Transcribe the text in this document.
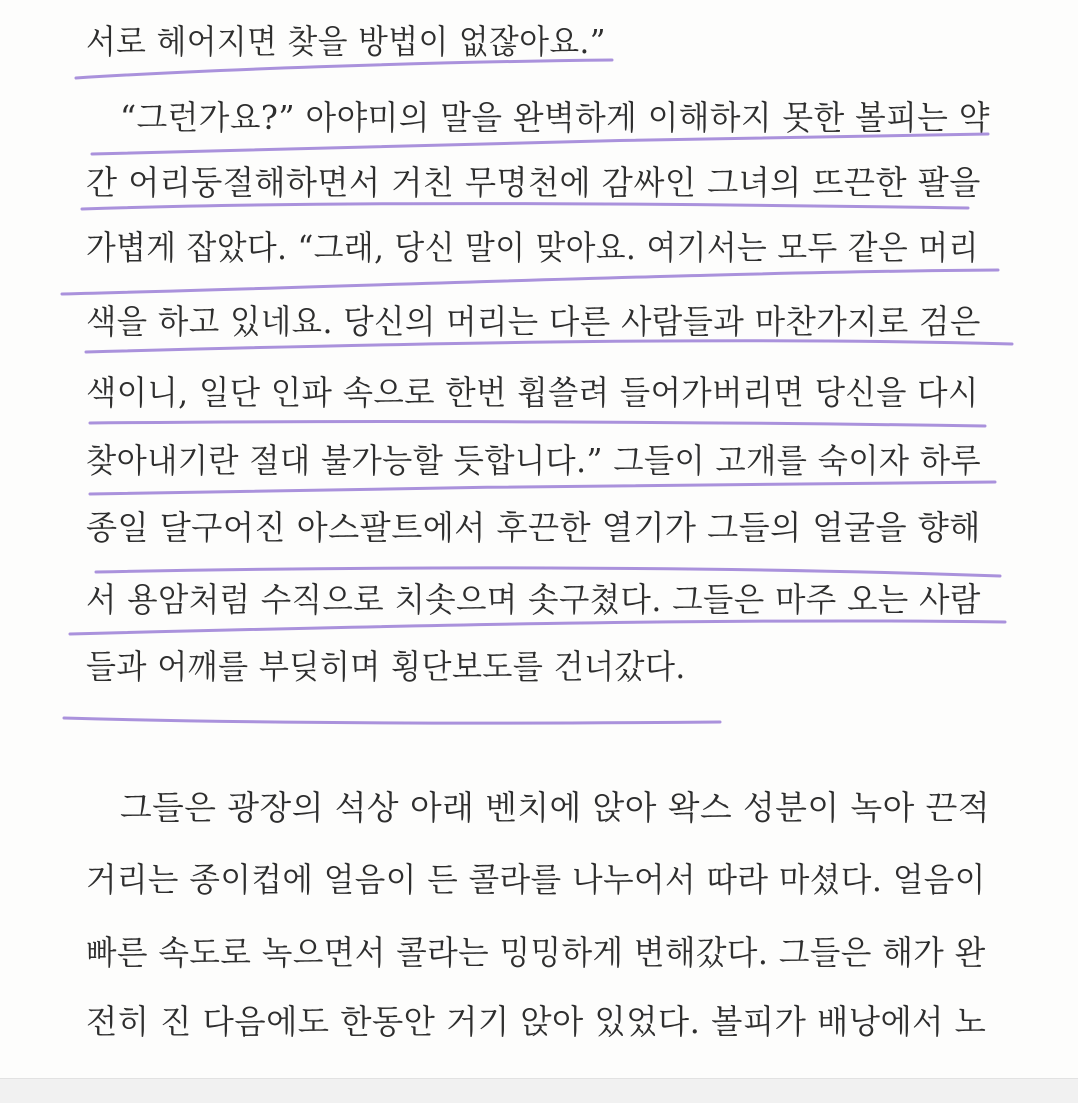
서로 헤어지면 찾을 방법이 없잖아요.”
“그런가요?” 아야미의 말을 완벽하게 이해하지 못한 볼피는 약
간 어리둥절해하면서 거친 무명천에 감싸인 그녀의 뜨끈한 팔을
가볍게 잡았다. “그래, 당신 말이 맞아요. 여기서는 모두 같은 머리
색을 하고 있네요. 당신의 머리는 다른 사람들과 마찬가지로 검은
색이니, 일단 인파 속으로 한번 휩쓸려 들어가버리면 당신을 다시
찾아내기란 절대 불가능할 듯합니다.” 그들이 고개를 숙이자 하루
종일 달구어진 아스팔트에서 후끈한 열기가 그들의 얼굴을 향해
서 용암처럼 수직으로 치솟으며 솟구쳤다. 그들은 마주 오는 사람
들과 어깨를 부딪히며 횡단보도를 건너갔다.
그들은 광장의 석상 아래 벤치에 앉아 왁스 성분이 녹아 끈적
거리는 종이컵에 얼음이 든 콜라를 나누어서 따라 마셨다. 얼음이
빠른 속도로 녹으면서 콜라는 밍밍하게 변해갔다. 그들은 해가 완
전히 진 다음에도 한동안 거기 앉아 있었다. 볼피가 배낭에서 노
